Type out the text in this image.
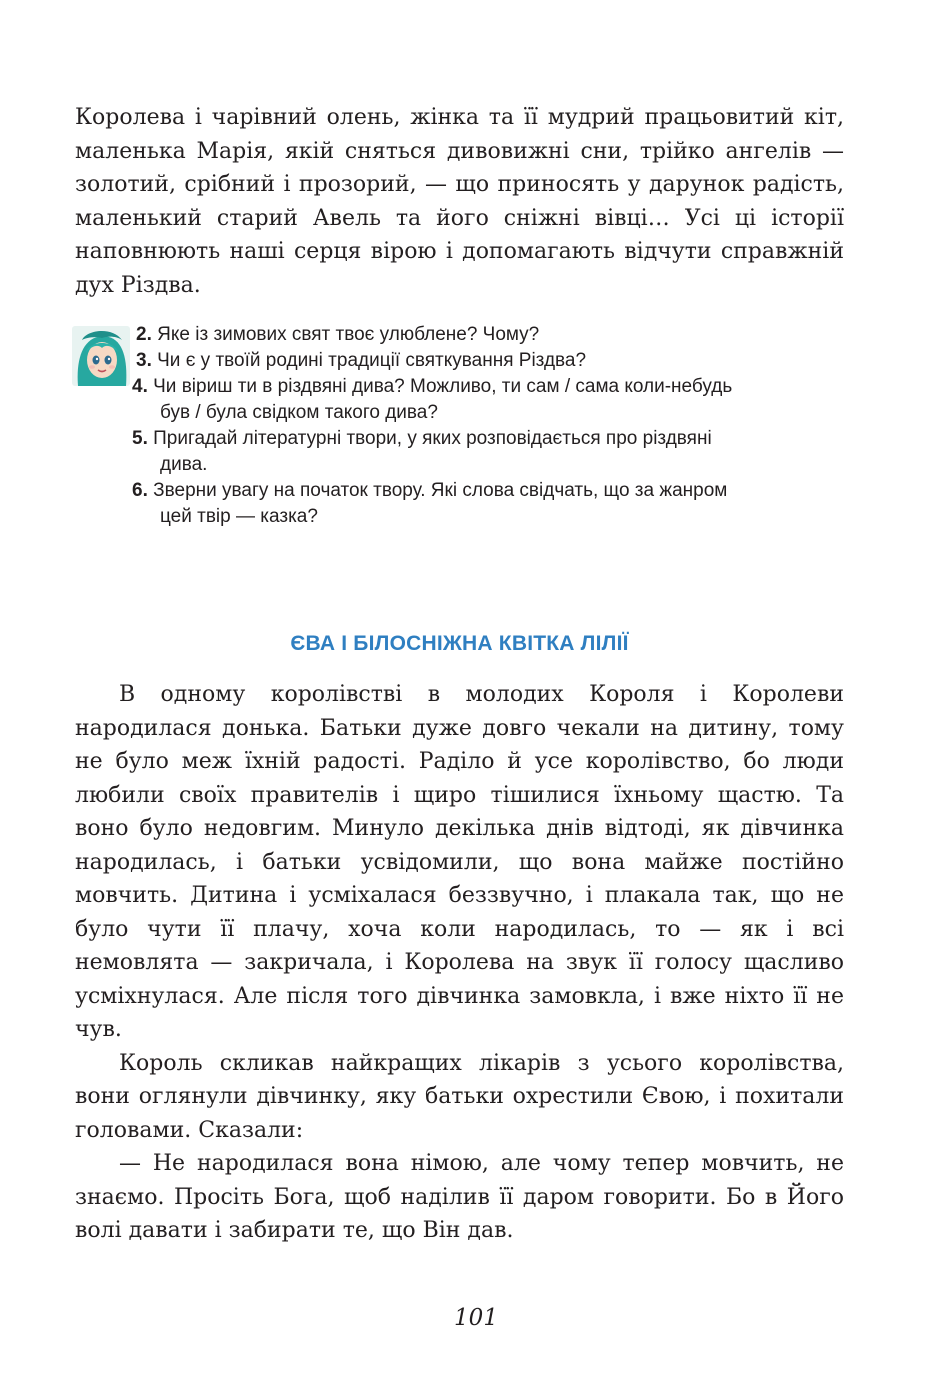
Королева і чарівний олень, жінка та її мудрий працьовитий кіт, маленька Марія, якій сняться дивовижні сни, трійко ангелів — золотий, срібний і прозорий, — що приносять у дарунок радість, маленький старий Авель та його сніжні вівці… Усі ці історії наповнюють наші серця вірою і допомагають відчути справжній дух Різдва.

2. Яке із зимових свят твоє улюблене? Чому?
3. Чи є у твоїй родині традиції святкування Різдва?
4. Чи віриш ти в різдвяні дива? Можливо, ти сам / сама коли-небудь
був / була свідком такого дива?
5. Пригадай літературні твори, у яких розповідається про різдвяні
дива.
6. Зверни увагу на початок твору. Які слова свідчать, що за жанром
цей твір — казка?
ЄВА І БІЛОСНІЖНА КВІТКА ЛІЛІЇ

В одному королівстві в молодих Короля і Королеви народилася донька. Батьки дуже довго чекали на дитину, тому не було меж їхній радості. Раділо й усе королівство, бо люди любили своїх правителів і щиро тішилися їхньому щастю. Та воно було недовгим. Минуло декілька днів відтоді, як дівчинка народилась, і батьки усвідомили, що вона майже постійно мовчить. Дитина і усміхалася беззвучно, і плакала так, що не було чути її плачу, хоча коли народилась, то — як і всі немовлята — закричала, і Королева на звук її голосу щасливо усміхнулася. Але після того дівчинка замовкла, і вже ніхто її не чув.

Король скликав найкращих лікарів з усього королівства, вони оглянули дівчинку, яку батьки охрестили Євою, і похитали головами. Сказали:

— Не народилася вона німою, але чому тепер мовчить, не знаємо. Просіть Бога, щоб наділив її даром говорити. Бо в Його волі давати і забирати те, що Він дав.

101
